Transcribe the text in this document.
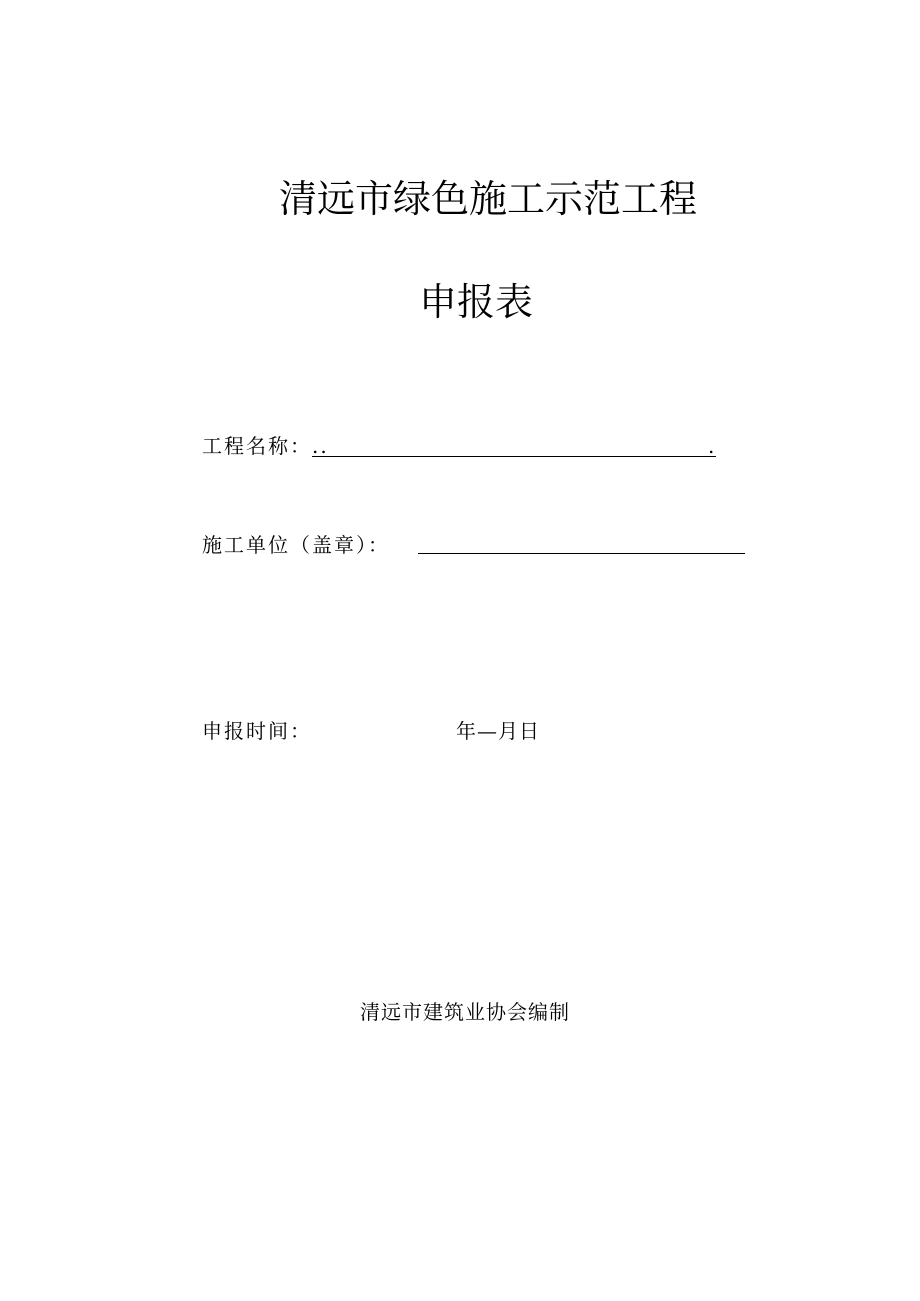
清远市绿色施工示范工程
申报表
工程名称： ..	.
施工单位（盖章）：
申报时间：	年—月日
清远市建筑业协会编制
